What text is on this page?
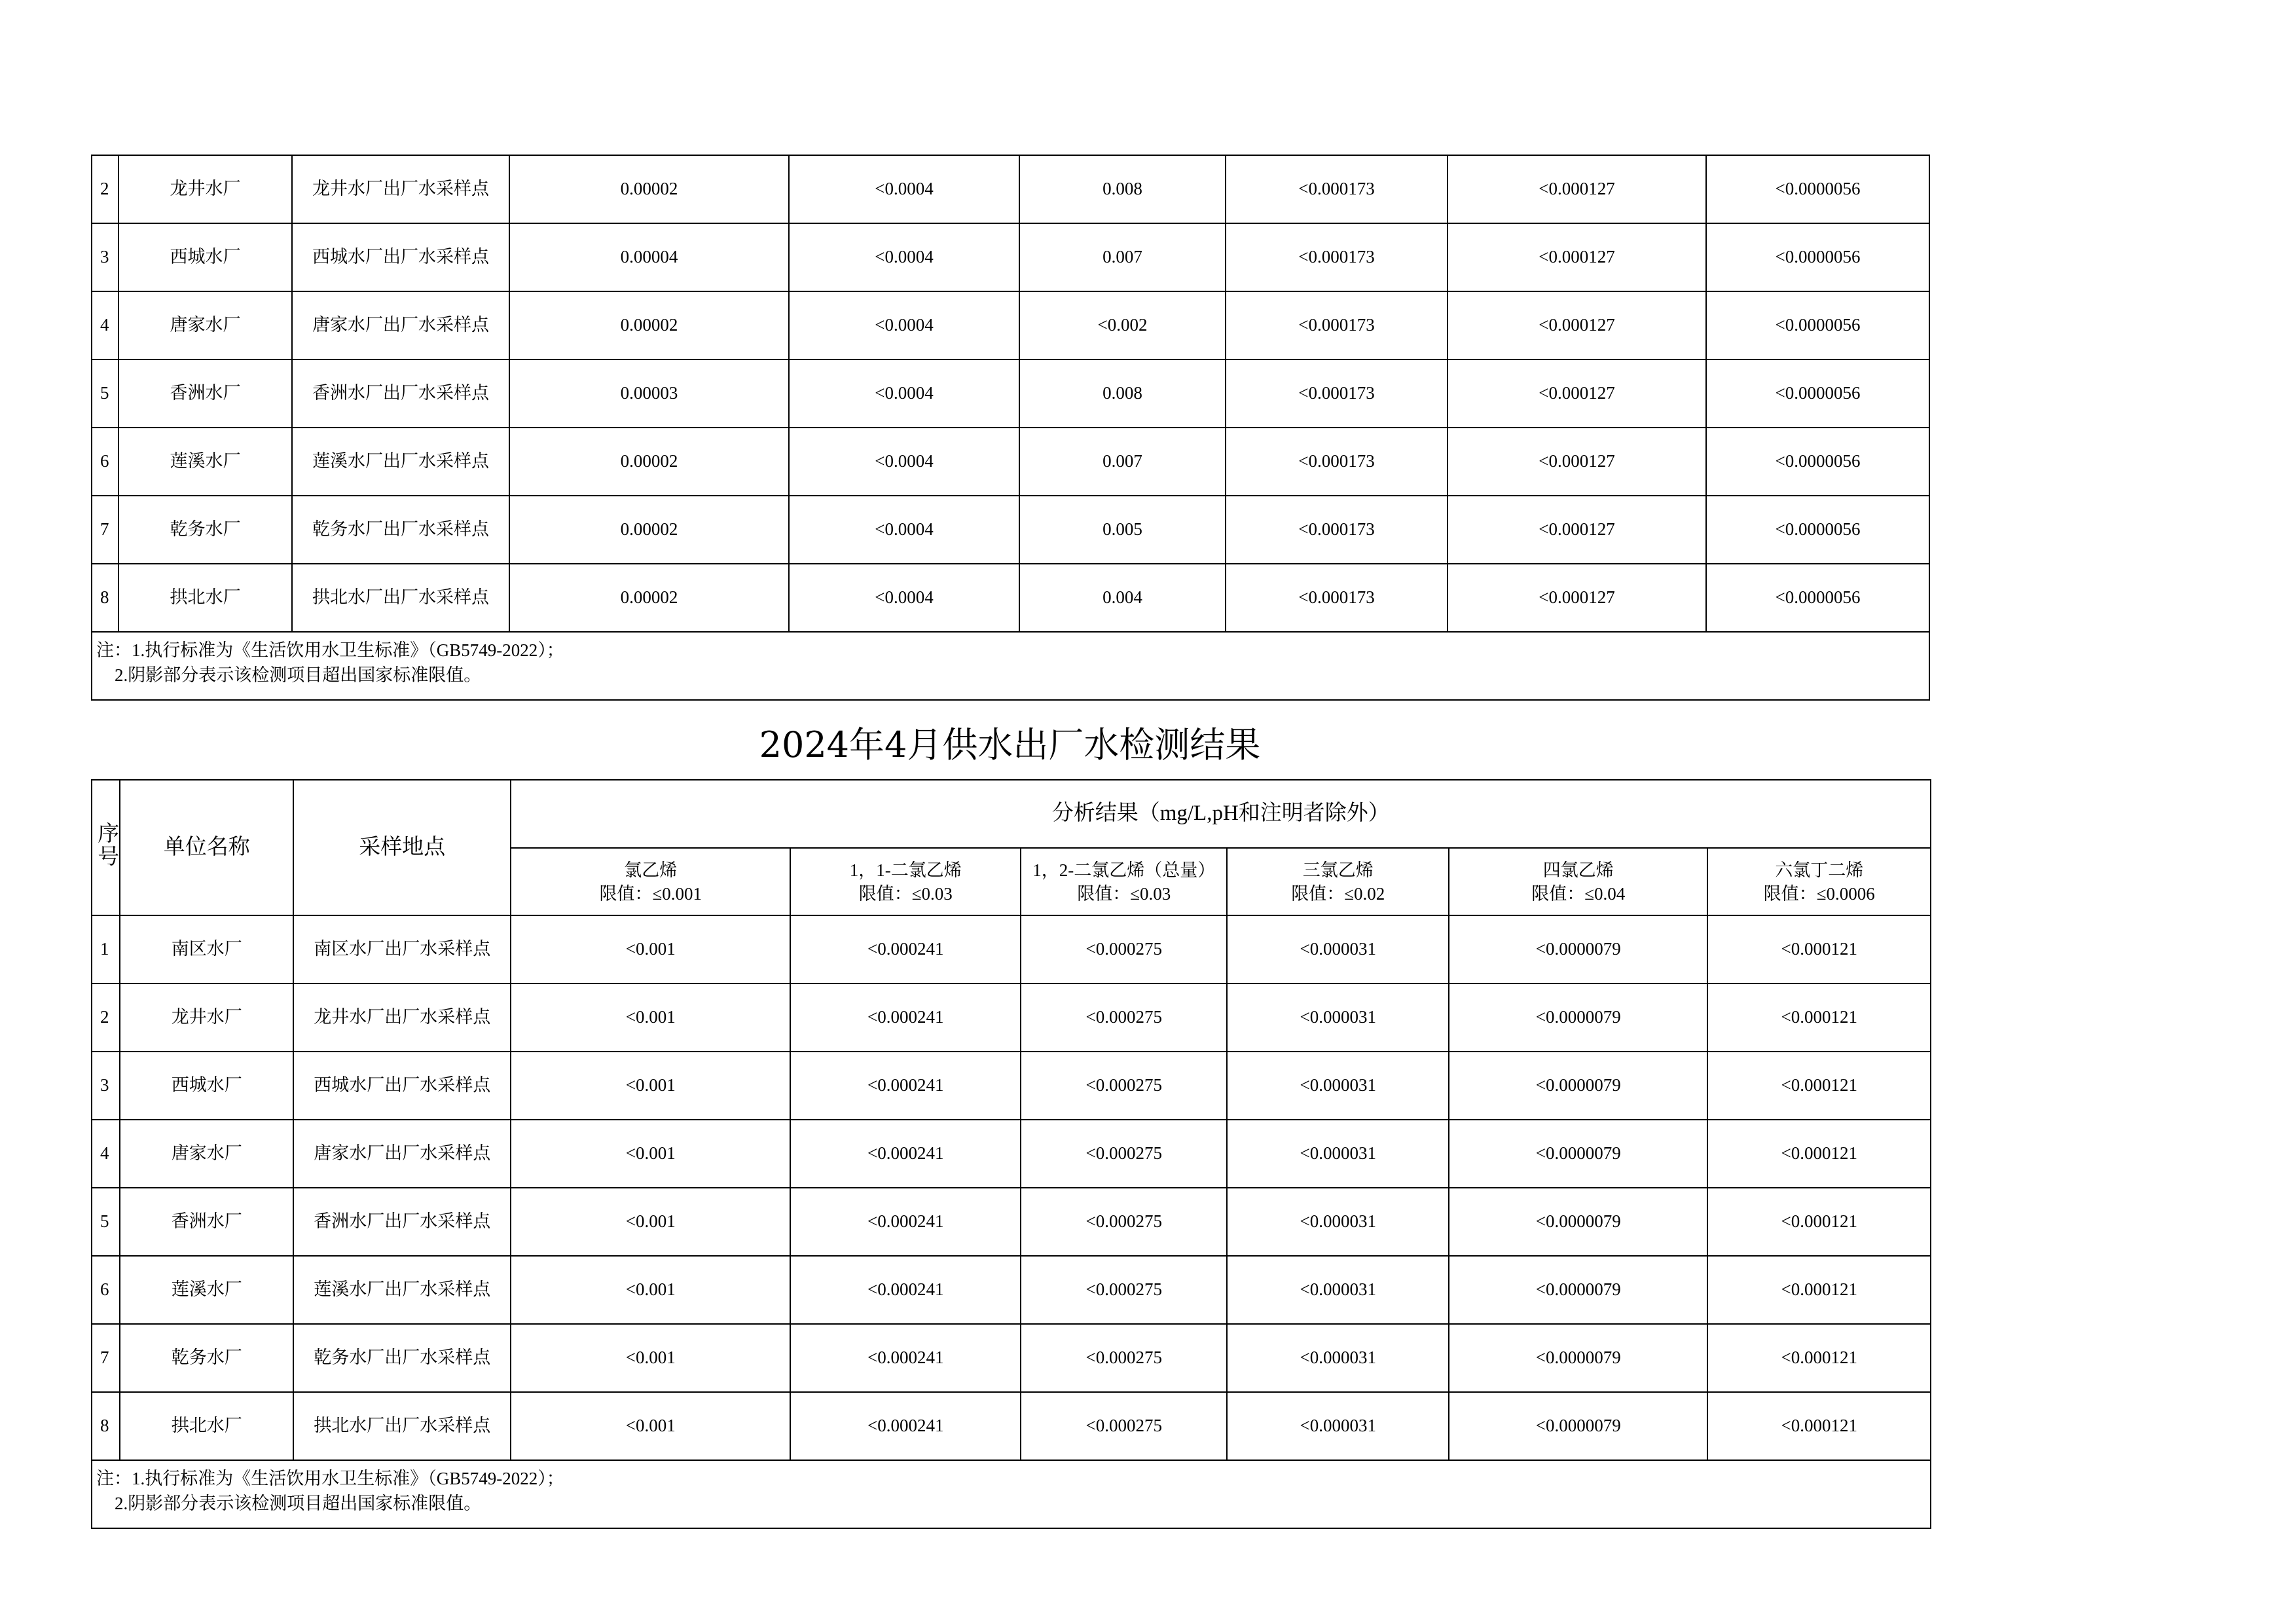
2	龙井水厂	龙井水厂出厂水采样点	0.00002	<0.0004	0.008	<0.000173	<0.000127	<0.0000056
3	西城水厂	西城水厂出厂水采样点	0.00004	<0.0004	0.007	<0.000173	<0.000127	<0.0000056
4	唐家水厂	唐家水厂出厂水采样点	0.00002	<0.0004	<0.002	<0.000173	<0.000127	<0.0000056
5	香洲水厂	香洲水厂出厂水采样点	0.00003	<0.0004	0.008	<0.000173	<0.000127	<0.0000056
6	莲溪水厂	莲溪水厂出厂水采样点	0.00002	<0.0004	0.007	<0.000173	<0.000127	<0.0000056
7	乾务水厂	乾务水厂出厂水采样点	0.00002	<0.0004	0.005	<0.000173	<0.000127	<0.0000056
8	拱北水厂	拱北水厂出厂水采样点	0.00002	<0.0004	0.004	<0.000173	<0.000127	<0.0000056

注：1.执行标准为《生活饮用水卫生标准》（GB5749-2022）；
2.阴影部分表示该检测项目超出国家标准限值。								
2024年4月供水出厂水检测结果
序号	单位名称	采样地点	分析结果（mg/L,pH和注明者除外）					

氯乙烯
限值：≤0.001

1，1-二氯乙烯
限值：≤0.03

1，2-二氯乙烯（总量）
限值：≤0.03

三氯乙烯
限值：≤0.02

四氯乙烯
限值：≤0.04

六氯丁二烯
限值：≤0.0006

1	南区水厂	南区水厂出厂水采样点	<0.001	<0.000241	<0.000275	<0.000031	<0.0000079	<0.000121
2	龙井水厂	龙井水厂出厂水采样点	<0.001	<0.000241	<0.000275	<0.000031	<0.0000079	<0.000121
3	西城水厂	西城水厂出厂水采样点	<0.001	<0.000241	<0.000275	<0.000031	<0.0000079	<0.000121
4	唐家水厂	唐家水厂出厂水采样点	<0.001	<0.000241	<0.000275	<0.000031	<0.0000079	<0.000121
5	香洲水厂	香洲水厂出厂水采样点	<0.001	<0.000241	<0.000275	<0.000031	<0.0000079	<0.000121
6	莲溪水厂	莲溪水厂出厂水采样点	<0.001	<0.000241	<0.000275	<0.000031	<0.0000079	<0.000121
7	乾务水厂	乾务水厂出厂水采样点	<0.001	<0.000241	<0.000275	<0.000031	<0.0000079	<0.000121
8	拱北水厂	拱北水厂出厂水采样点	<0.001	<0.000241	<0.000275	<0.000031	<0.0000079	<0.000121

注：1.执行标准为《生活饮用水卫生标准》（GB5749-2022）；
2.阴影部分表示该检测项目超出国家标准限值。								
